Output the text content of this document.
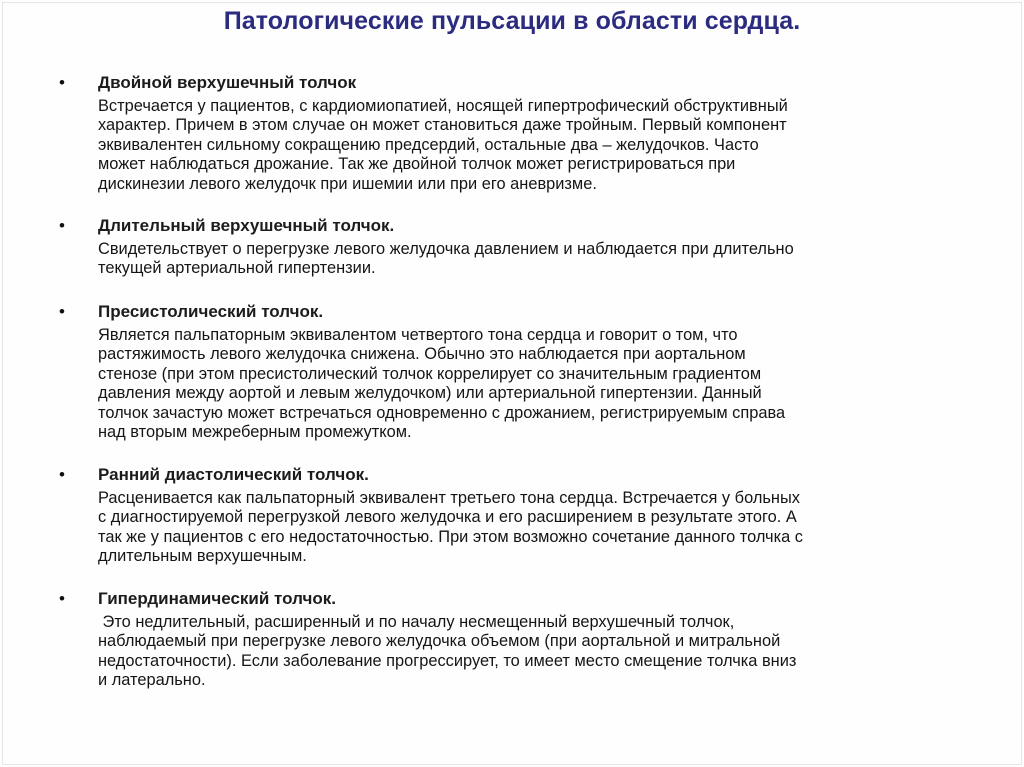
Патологические пульсации в области сердца.
• Двойной верхушечный толчок
Встречается у пациентов, с кардиомиопатией, носящей гипертрофический обструктивный
характер. Причем в этом случае он может становиться даже тройным. Первый компонент
эквивалентен сильному сокращению предсердий, остальные два – желудочков. Часто
может наблюдаться дрожание. Так же двойной толчок может регистрироваться при
дискинезии левого желудочк при ишемии или при его аневризме.
• Длительный верхушечный толчок.
Свидетельствует о перегрузке левого желудочка давлением и наблюдается при длительно
текущей артериальной гипертензии.
• Пресистолический толчок.
Является пальпаторным эквивалентом четвертого тона сердца и говорит о том, что
растяжимость левого желудочка снижена. Обычно это наблюдается при аортальном
стенозе (при этом пресистолический толчок коррелирует со значительным градиентом
давления между аортой и левым желудочком) или артериальной гипертензии. Данный
толчок зачастую может встречаться одновременно с дрожанием, регистрируемым справа
над вторым межреберным промежутком.
• Ранний диастолический толчок.
Расценивается как пальпаторный эквивалент третьего тона сердца. Встречается у больных
с диагностируемой перегрузкой левого желудочка и его расширением в результате этого. А
так же у пациентов с его недостаточностью. При этом возможно сочетание данного толчка с
длительным верхушечным.
• Гипердинамический толчок.
Это недлительный, расширенный и по началу несмещенный верхушечный толчок,
наблюдаемый при перегрузке левого желудочка объемом (при аортальной и митральной
недостаточности). Если заболевание прогрессирует, то имеет место смещение толчка вниз
и латерально.
